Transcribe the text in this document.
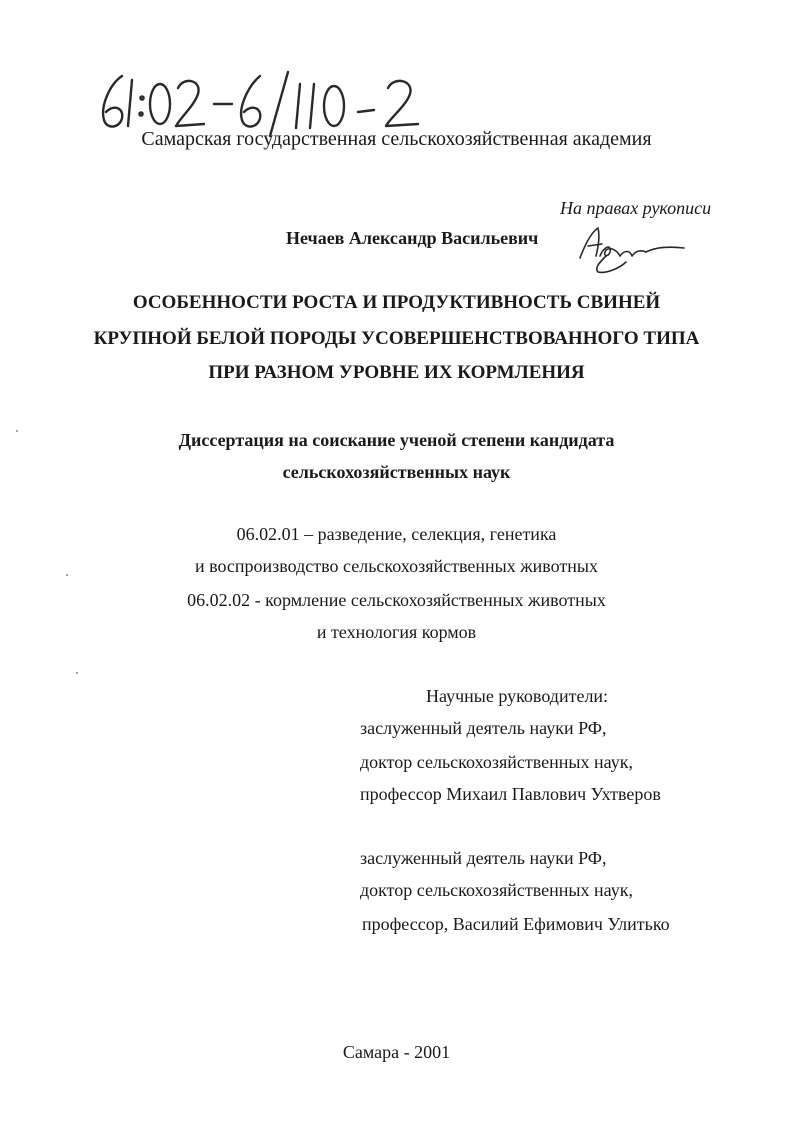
Самарская государственная сельскохозяйственная академия
На правах рукописи
Нечаев Александр Васильевич
ОСОБЕННОСТИ РОСТА И ПРОДУКТИВНОСТЬ СВИНЕЙ
КРУПНОЙ БЕЛОЙ ПОРОДЫ УСОВЕРШЕНСТВОВАННОГО ТИПА
ПРИ РАЗНОМ УРОВНЕ ИХ КОРМЛЕНИЯ
Диссертация на соискание ученой степени кандидата
сельскохозяйственных наук
06.02.01 – разведение, селекция, генетика
и воспроизводство сельскохозяйственных животных
06.02.02 - кормление сельскохозяйственных животных
и технология кормов
Научные руководители:
заслуженный деятель науки РФ,
доктор сельскохозяйственных наук,
профессор Михаил Павлович Ухтверов
заслуженный деятель науки РФ,
доктор сельскохозяйственных наук,
профессор, Василий Ефимович Улитько
Самара - 2001
